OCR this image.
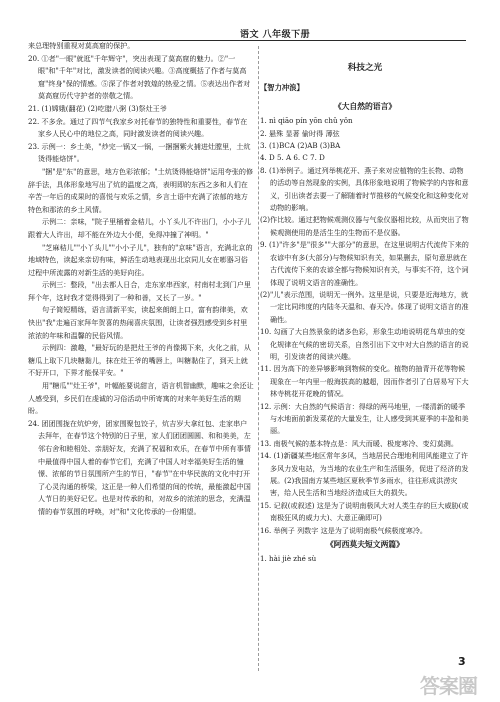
语文 八年级下册

来总理特别重视对莫高窟的保护。

20. ①者"一眼"就逛"千年辉守"，突出表现了莫高窟的魅力。②"一眼"和"千年"对比，激发读者的阅读兴趣。③高度概括了作者与莫高窟"终身"保的情感。⑤深了作者对敦煌的热爱之情。⑤表达出作者对莫高窟历代守护者的崇敬之情。

21. (1)嫦娥(翻花) (2)吃腊八粥 (3)祭灶王爷

22. 不多余。通过了四节气我家乡对托春节的独特性和重要性，春节在家乡人民心中的地位之高，同时激发读者的阅读兴趣。

23. 示例一：乡土美，"炒完一锅又一锅，一捆捆紫火捕进灶膛里，土炕烫得能烙饼"。

"捆"是"东"的意思，地方色彩浓郁；"土炕烫得能烙饼"运用夸张的修辞手法，具体形象地写出了炕的温度之高，表明即的东西之多和人们在辛苦一年后的成果时的喜悦与欢乐之情，乡言土语中充满了浓郁的地方特色和那浓的乡土风情。

示例二：亲味，"院子里桶着金秸儿，小丫头儿不许出门，小小子儿跟着大人许出，却不能在外边大小便，免得冲撞了神明。"

"芝麻秸儿""小丫头儿""小小子儿"，独有的"京味"语言，充满北京的地域特色，读起来亲切有味，鲜活生动地表现出北京同儿女在嘭器习俗过程中所流露的对新生活的美好向往。

示例三：整段，"出去都人日合，走东家串西家，村南村北到门户里拜个年，这时我才觉得得到了一种和善，又长了一岁。"

句子简短精练，语言清新平实，读起来朗朗上口，富有韵律美，欢快出"我"走遍百家拜年贺喜的热闹喜庆氛围，让读者强烈感受到乡村里浓浓的年味和温馨的民俗风情。

示例四：激趣，"最好玩的是把灶王爷的肖像揭下来，火化之前，从糖瓜上取下几块糖黏儿，抹在灶王爷的嘴唇上，叫糖黏住了，到天上就不好开口，下界才能保平安。"

用"糖瓜""灶王爷"，叶幅能要说甜言，语言机智幽默，趣味之余还让人感受到，乡民们在虔诚的习俗活动中所寄寓的对来年美好生活的期盼。

24. 团团围拢在炕炉旁，团家围聚包饺子，炕吉岁大拿红包、走家串户去拜年，在春节这个特别的日子里，家人们团团圆圆、和和美美，左邻右舍和睦相处、亲朋好友，充满了祝福和欢乐，在春节中所有事情中最值得中国人着的春节它们，充满了中国人对幸福美好生活的憧憬、浓郁的节日氛围所产生的节日，"春节"在中华民族的文化中打开了心灵沟通的桥梁，这正是一种人们希望的间的传统，最能激起中国人节日的美好记忆。也是对传承的和，对故乡的浓浓的思念，充满温情的春节氛围的呼唤，对"和"文化传承的一份期望。

科技之光
【智力冲浪】
《大自然的语言》

1. nì qiāo pín yōn chǔ yǒn

2. 悬殊 显著 偷时得 薄弦

3. (1)BCA (2)AB (3)BA

4. D 5. A 6. C 7. D

8. (1)举例子。通过列举桃花开、燕子来对应植物的生长物、动物的活动等自然现象的实例，具体形象地说明了物候学的内容和意义，引出读者去要一了解随着时节推移的气候变化和这种变化对动物的影响。

(2)作比较。通过把物候观测仪器与气象仪器相比较，从而突出了物候观测使用的是活生生的生物而不是仪器。

9. (1)"许多"是"很多""大部分"的意思，在这里说明古代流传下来的农谚中有多(大部分)与物候知识有关，如果删去，原句意思就在古代流传下来的农谚全都与物候知识有关，与事实不符，这个词体现了说明文语言的准确性。

(2)"儿"表示范围，说明无一例外。这里是说，只要是近海地方，就一定比同纬度的内陆冬天温和、春天冷。体现了说明文语言的准确性。

10. 勾画了大自然景象的诸多色彩，形象生动地说明花鸟草虫的变化规律在气候的密切关系，自然引出下文中对大自然的语言的说明，引发读者的阅读兴趣。

11. 因为高下的差异够影响到物候的变化。植物的抽青开花等物候现象在一年内里一般海拔高的越超，因而作者引了白居易写下大林寺桃花开花晚的情况。

12. 示例：大自然的气候语言：得绿的两马地里，一缕清新的暖季与水地面前新发菜花的大量发生，让人感受到其夏季的丰盈和美丽。

13. 南极气候的基本特点是：风大而暖、极度寒冷、变幻莫测。

14. (1)新疆某些地区常年多风，当地居民合理地利用风能建立了许多风力发电站，为当地的农业生产和生活服务，促进了经济的发展。(2)我国南方某些地区夏秋季节多雨水，往往形成洪涝灾害，给人民生活和当地经济造成巨大的损失。

15. 记叙(或叙述) 这是为了说明南极风大对人类生存的巨大威胁(或南极狂风的威力大)、大意正确即可)

16. 举例子 列数字 这是为了说明南极气候极度寒冷。

《阿西莫夫短文两篇》

1. hài jiè zhé sù

3
答案圈
